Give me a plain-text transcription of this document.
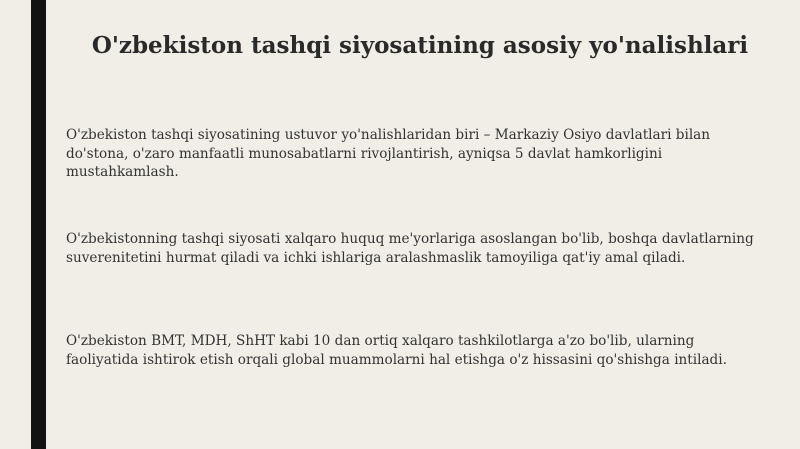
O'zbekiston tashqi siyosatining asosiy yo'nalishlari

O'zbekiston tashqi siyosatining ustuvor yo'nalishlaridan biri – Markaziy Osiyo davlatlari bilan do'stona, o'zaro manfaatli munosabatlarni rivojlantirish, ayniqsa 5 davlat hamkorligini mustahkamlash.

O'zbekistonning tashqi siyosati xalqaro huquq me'yorlariga asoslangan bo'lib, boshqa davlatlarning suverenitetini hurmat qiladi va ichki ishlariga aralashmaslik tamoyiliga qat'iy amal qiladi.

O'zbekiston BMT, MDH, ShHT kabi 10 dan ortiq xalqaro tashkilotlarga a'zo bo'lib, ularning faoliyatida ishtirok etish orqali global muammolarni hal etishga o'z hissasini qo'shishga intiladi.
